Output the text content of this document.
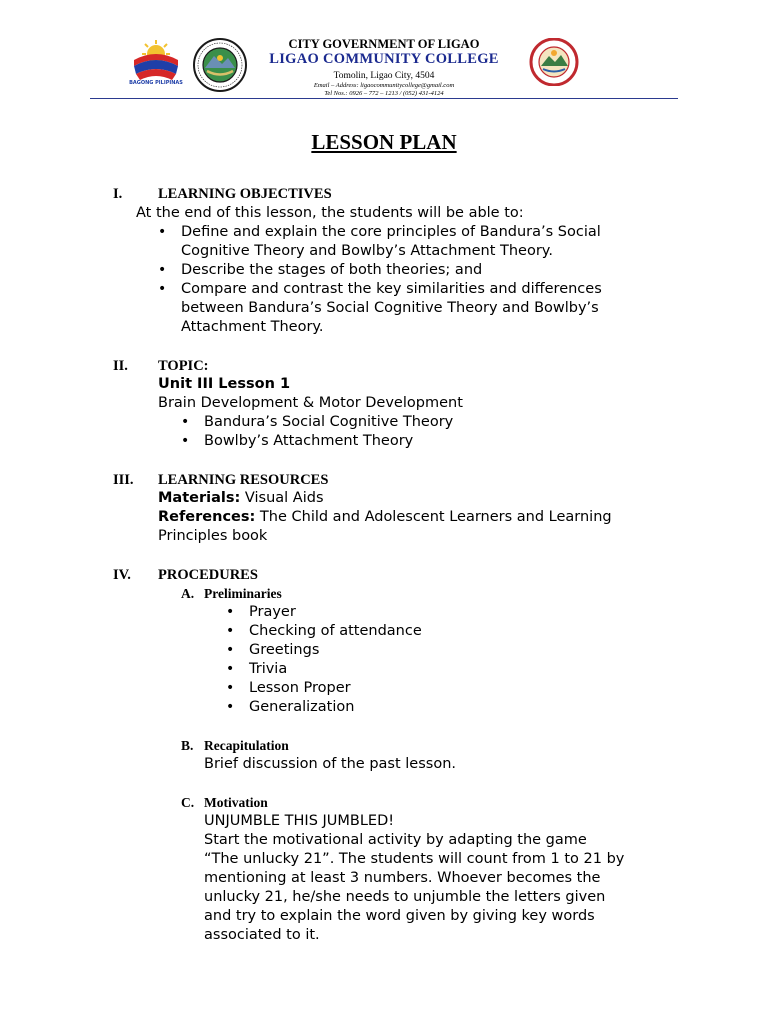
BAGONG PILIPINAS
CITY GOVERNMENT OF LIGAO
LIGAO COMMUNITY COLLEGE
Tomolin, Ligao City, 4504
Email – Address: ligaocommunitycollege@gmail.com
Tel Nos.: 0926 – 772 – 1213 / (052) 431-4124
LESSON PLAN
I. LEARNING OBJECTIVES
At the end of this lesson, the students will be able to:
• Define and explain the core principles of Bandura’s Social
Cognitive Theory and Bowlby’s Attachment Theory.
• Describe the stages of both theories; and
• Compare and contrast the key similarities and differences
between Bandura’s Social Cognitive Theory and Bowlby’s
Attachment Theory.
II. TOPIC:
Unit III Lesson 1
Brain Development & Motor Development
• Bandura’s Social Cognitive Theory
• Bowlby’s Attachment Theory
III. LEARNING RESOURCES
Materials: Visual Aids
References: The Child and Adolescent Learners and Learning
Principles book
IV. PROCEDURES
A. Preliminaries
• Prayer
• Checking of attendance
• Greetings
• Trivia
• Lesson Proper
• Generalization
B. Recapitulation
Brief discussion of the past lesson.
C. Motivation
UNJUMBLE THIS JUMBLED!
Start the motivational activity by adapting the game
“The unlucky 21”. The students will count from 1 to 21 by
mentioning at least 3 numbers. Whoever becomes the
unlucky 21, he/she needs to unjumble the letters given
and try to explain the word given by giving key words
associated to it.
